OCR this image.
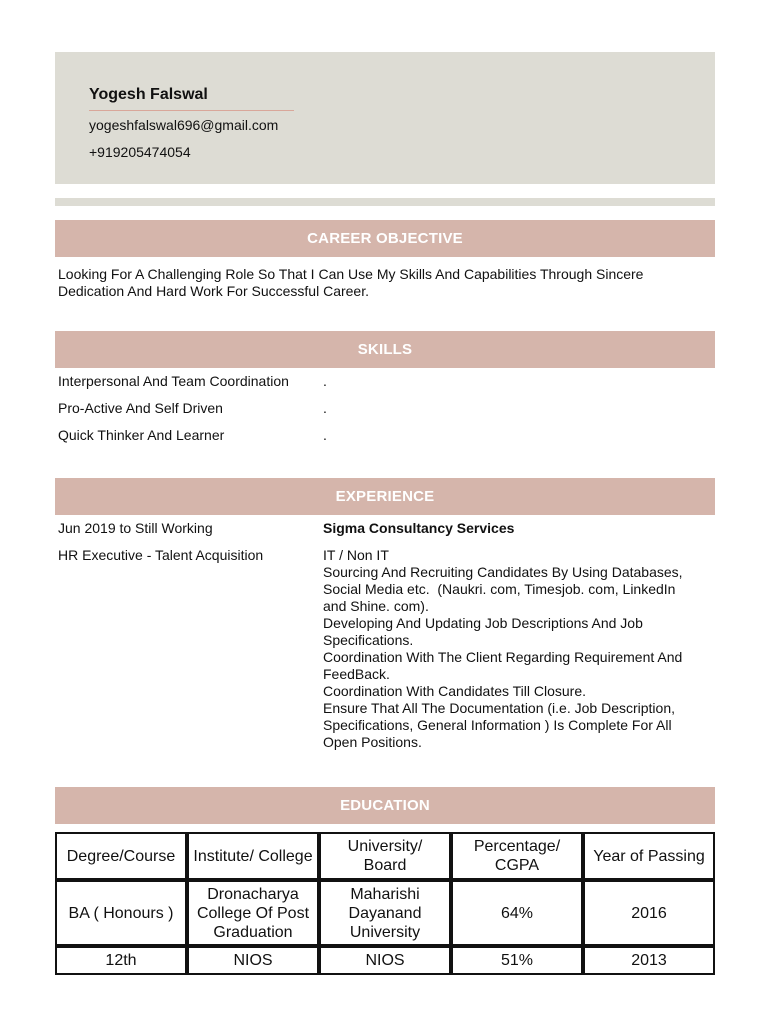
Yogesh Falswal
yogeshfalswal696@gmail.com
+919205474054
CAREER OBJECTIVE
Looking For A Challenging Role So That I Can Use My Skills And Capabilities Through Sincere
Dedication And Hard Work For Successful Career.
SKILLS
Interpersonal And Team Coordination .
Pro-Active And Self Driven	.
Quick Thinker And Learner	.
EXPERIENCE
Jun 2019 to Still Working	Sigma Consultancy Services
HR Executive - Talent Acquisition	IT / Non IT
Sourcing And Recruiting Candidates By Using Databases,
Social Media etc.  (Naukri. com, Timesjob. com, LinkedIn
and Shine. com).
Developing And Updating Job Descriptions And Job
Specifications.
Coordination With The Client Regarding Requirement And
FeedBack.
Coordination With Candidates Till Closure.
Ensure That All The Documentation (i.e. Job Description,
Specifications, General Information ) Is Complete For All
Open Positions.
EDUCATION
Degree/Course	Institute/ College	University/ Board	Percentage/ CGPA	Year of Passing
BA ( Honours )	Dronacharya College Of Post Graduation	Maharishi Dayanand University	64%	2016
12th	NIOS	NIOS	51%	2013
